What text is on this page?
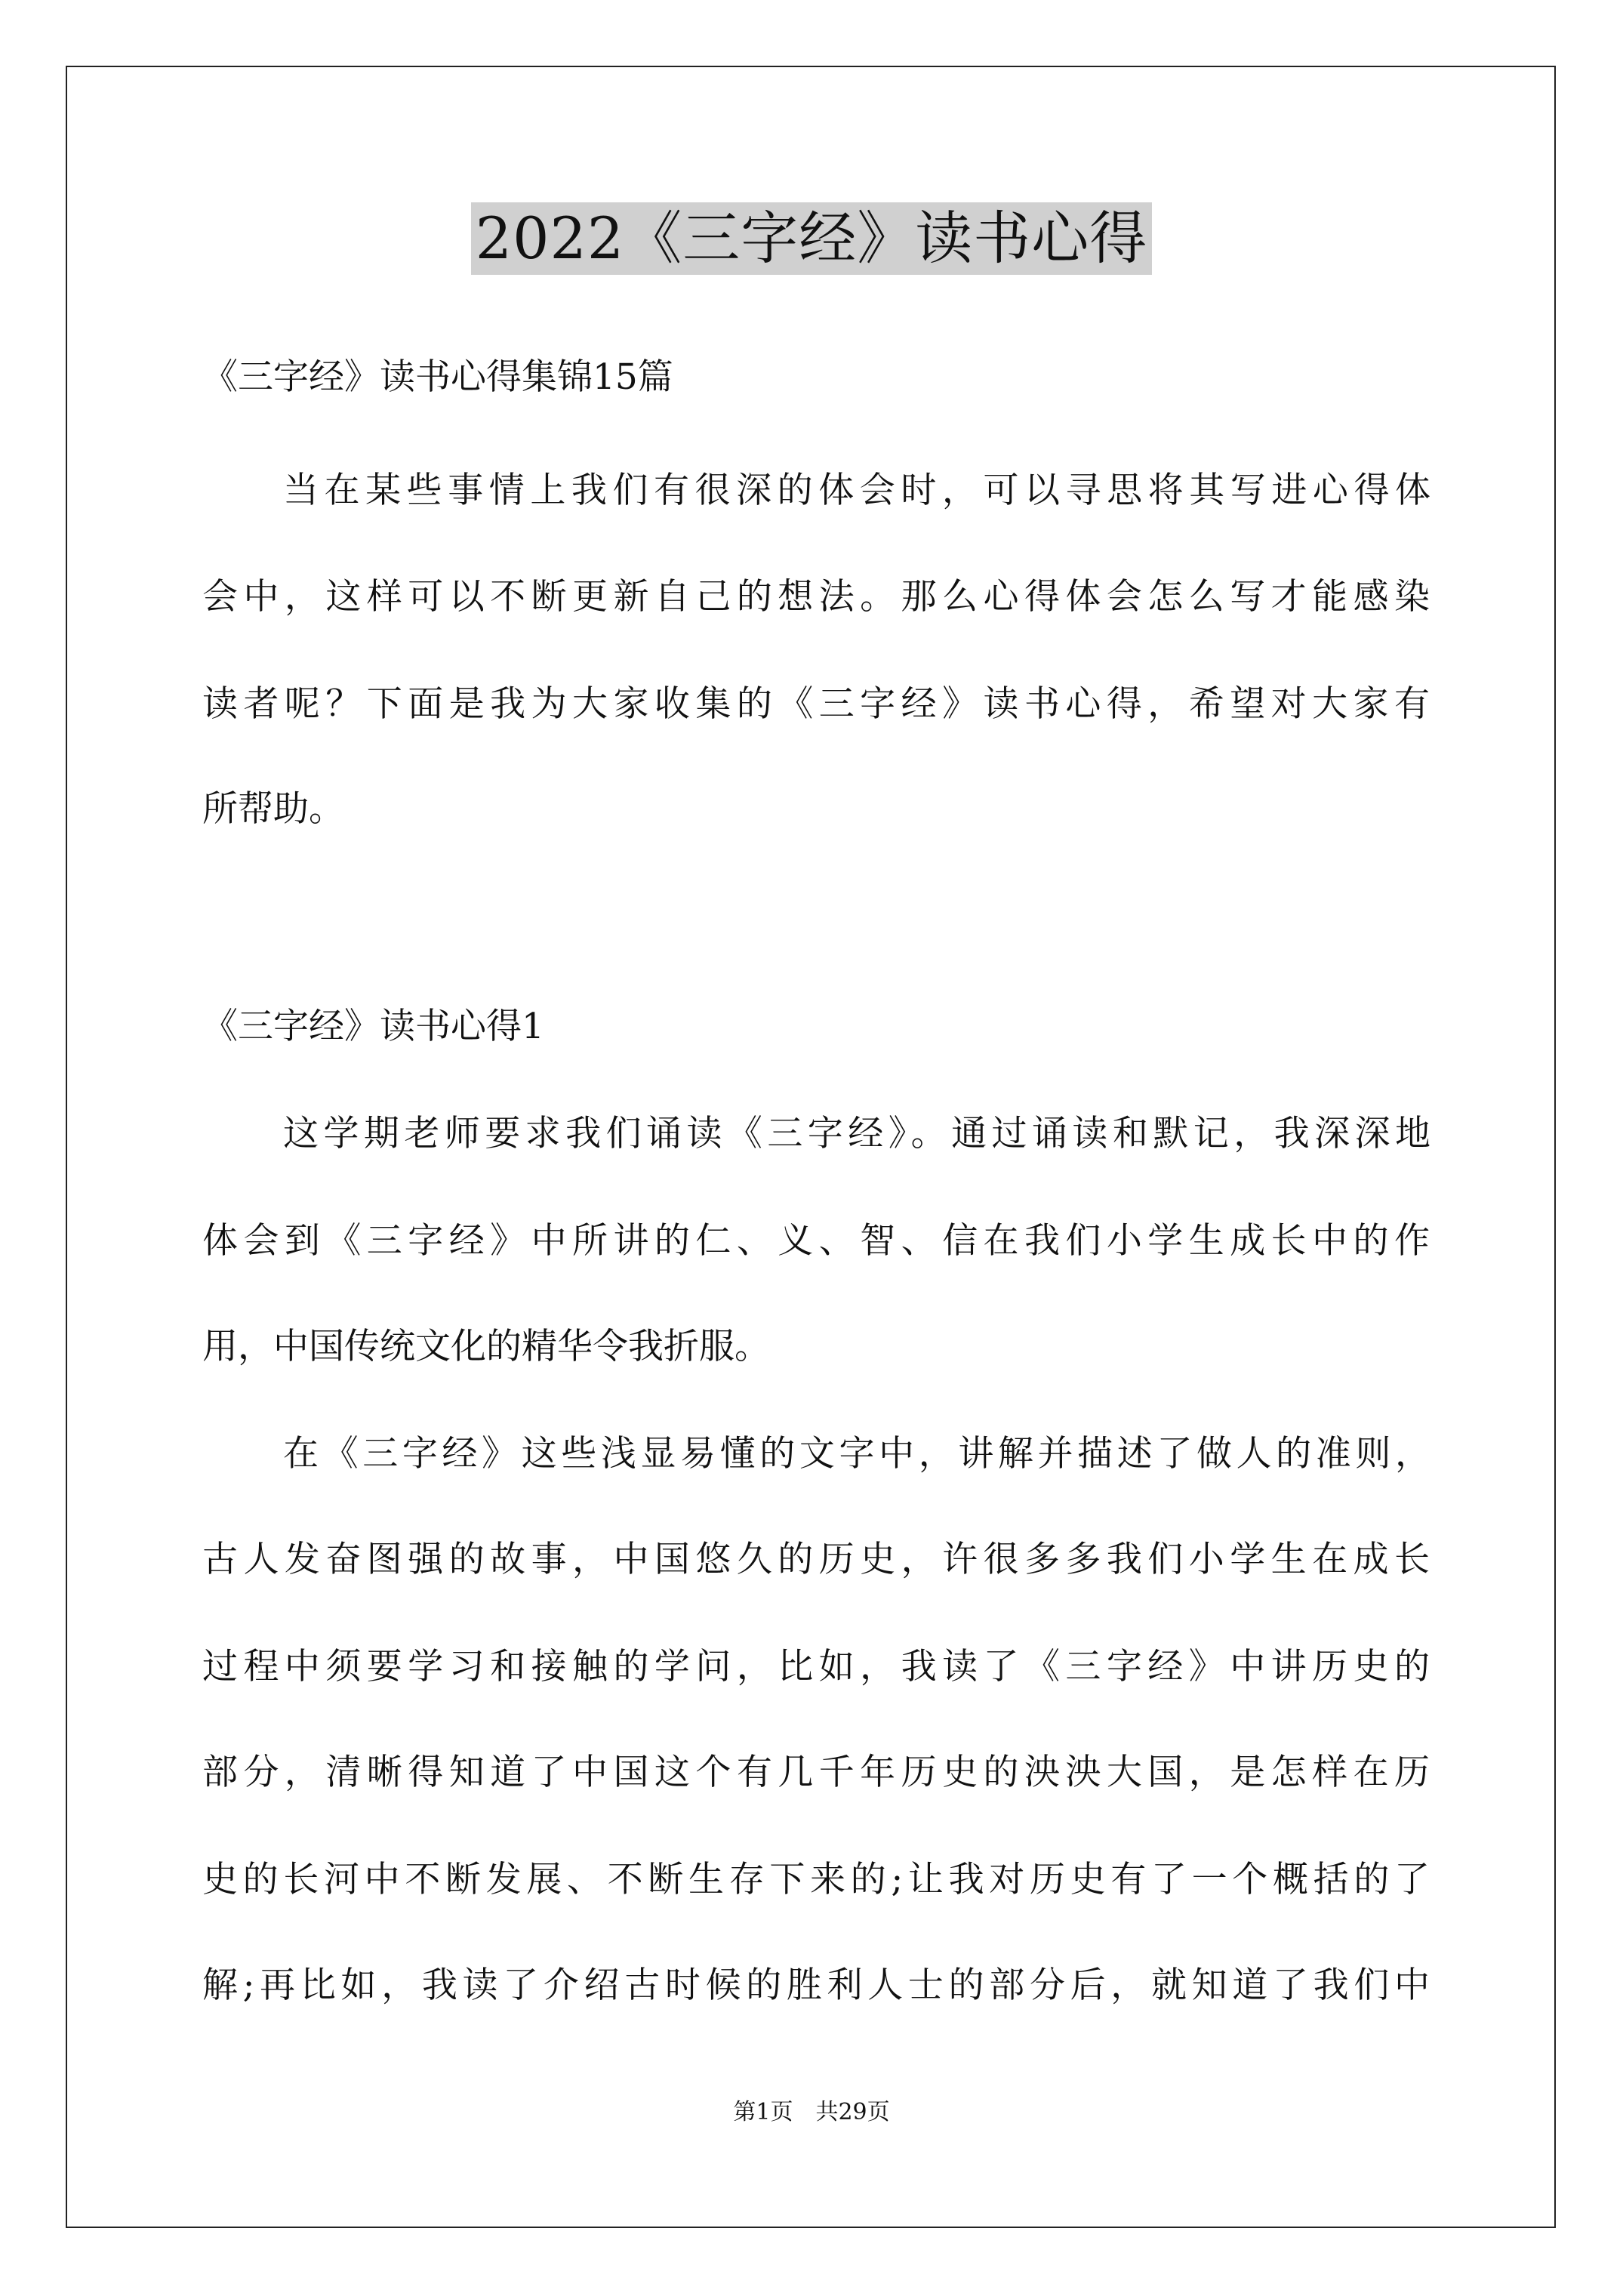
2022《三字经》读书心得

《三字经》读书心得集锦15篇

当在某些事情上我们有很深的体会时，可以寻思将其写进心得体

会中，这样可以不断更新自己的想法。那么心得体会怎么写才能感染

读者呢？下面是我为大家收集的《三字经》读书心得，希望对大家有

所帮助。

《三字经》读书心得1

这学期老师要求我们诵读《三字经》。通过诵读和默记，我深深地

体会到《三字经》中所讲的仁、义、智、信在我们小学生成长中的作

用，中国传统文化的精华令我折服。

在《三字经》这些浅显易懂的文字中，讲解并描述了做人的准则，

古人发奋图强的故事，中国悠久的历史，许很多多我们小学生在成长

过程中须要学习和接触的学问，比如，我读了《三字经》中讲历史的

部分，清晰得知道了中国这个有几千年历史的泱泱大国，是怎样在历

史的长河中不断发展、不断生存下来的;让我对历史有了一个概括的了

解;再比如，我读了介绍古时候的胜利人士的部分后，就知道了我们中

第1页　共29页
